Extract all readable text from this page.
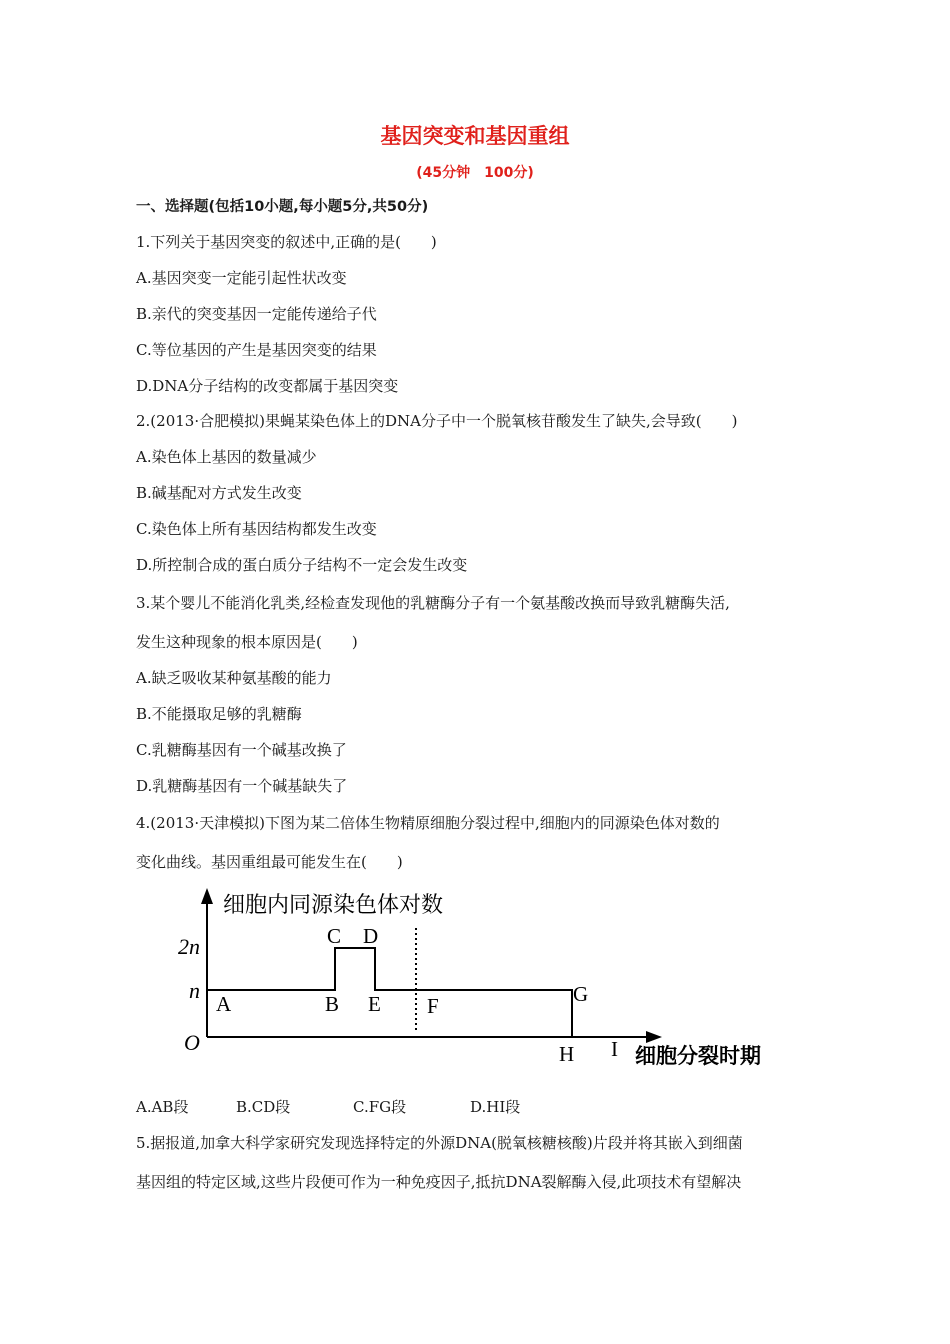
基因突变和基因重组
(45分钟　100分)
一、选择题(包括10小题,每小题5分,共50分)
1.下列关于基因突变的叙述中,正确的是(　　)
A.基因突变一定能引起性状改变
B.亲代的突变基因一定能传递给子代
C.等位基因的产生是基因突变的结果
D.DNA分子结构的改变都属于基因突变
2.(2013·合肥模拟)果蝇某染色体上的DNA分子中一个脱氧核苷酸发生了缺失,会导致(　　)
A.染色体上基因的数量减少
B.碱基配对方式发生改变
C.染色体上所有基因结构都发生改变
D.所控制合成的蛋白质分子结构不一定会发生改变
3.某个婴儿不能消化乳类,经检查发现他的乳糖酶分子有一个氨基酸改换而导致乳糖酶失活,
发生这种现象的根本原因是(　　)
A.缺乏吸收某种氨基酸的能力
B.不能摄取足够的乳糖酶
C.乳糖酶基因有一个碱基改换了
D.乳糖酶基因有一个碱基缺失了
4.(2013·天津模拟)下图为某二倍体生物精原细胞分裂过程中,细胞内的同源染色体对数的
变化曲线。基因重组最可能发生在(　　)
细胞内同源染色体对数
细胞分裂时期
2n
n
O
A	B
C D
E F	G
H I
A.AB段	B.CD段	C.FG段	D.HI段
5.据报道,加拿大科学家研究发现选择特定的外源DNA(脱氧核糖核酸)片段并将其嵌入到细菌
基因组的特定区域,这些片段便可作为一种免疫因子,抵抗DNA裂解酶入侵,此项技术有望解决
